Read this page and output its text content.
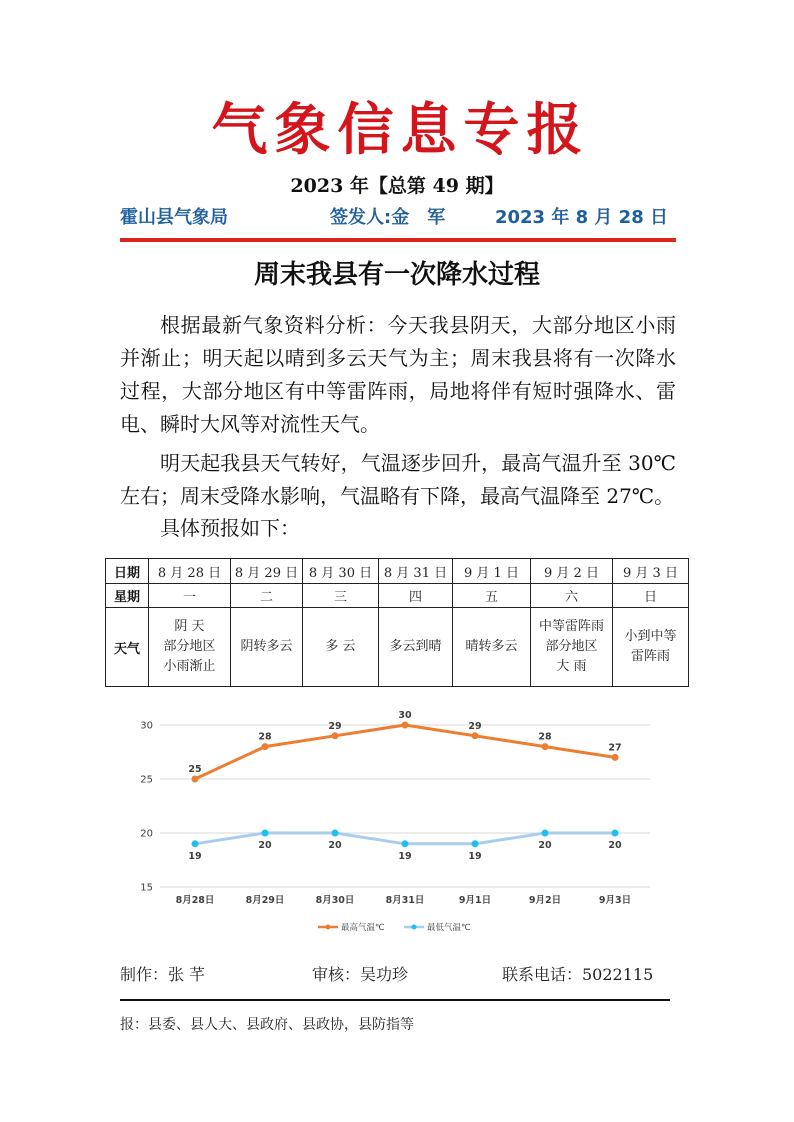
气象信息专报
2023 年【总第 49 期】
霍山县气象局	签发人:金　军	2023 年 8 月 28 日
周末我县有一次降水过程
根据最新气象资料分析：今天我县阴天，大部分地区小雨
并渐止；明天起以晴到多云天气为主；周末我县将有一次降水
过程，大部分地区有中等雷阵雨，局地将伴有短时强降水、雷
电、瞬时大风等对流性天气。
明天起我县天气转好，气温逐步回升，最高气温升至 30℃
左右；周末受降水影响，气温略有下降，最高气温降至 27℃。
具体预报如下：
日期	8 月 28 日	8 月 29 日	8 月 30 日	8 月 31 日	9 月 1 日	9 月 2 日	9 月 3 日
星期	一	二	三	四	五	六	日
天气	阴 天
部分地区
小雨渐止	阴转多云	多 云	多云到晴	晴转多云	中等雷阵雨
部分地区
大 雨	小到中等
雷阵雨
15
20
25
30
8月28日	8月29日	8月30日	8月31日	9月1日	9月2日	9月3日
25
28
29
30
29
28
27
19
20	20
19	19
20	20
最高气温℃	最低气温℃
制作：张 芊	审核：吴功珍	联系电话：5022115
报：县委、县人大、县政府、县政协，县防指等
